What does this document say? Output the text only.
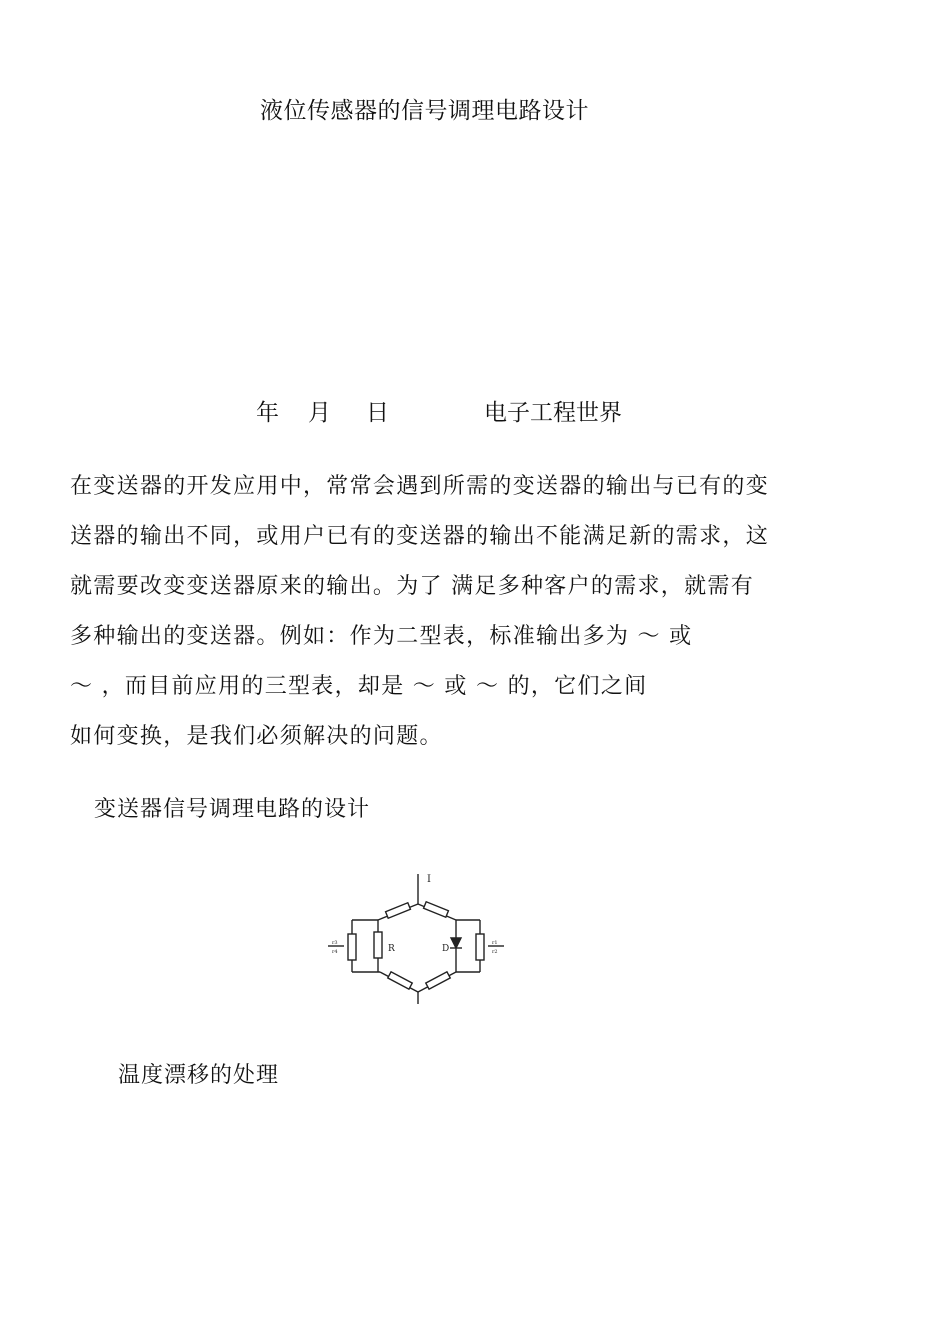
液位传感器的信号调理电路设计
年 月 日	电子工程世界
在变送器的开发应用中，常常会遇到所需的变送器的输出与已有的变
送器的输出不同，或用户已有的变送器的输出不能满足新的需求，这
就需要改变变送器原来的输出。为了 满足多种客户的需求，就需有
多种输出的变送器。例如：作为二型表，标准输出多为 ～ 或
～ ，而目前应用的三型表，却是 ～ 或 ～ 的，它们之间
如何变换，是我们必须解决的问题。
变送器信号调理电路的设计
I
R	D
r3
r4
r1
r2
温度漂移的处理
